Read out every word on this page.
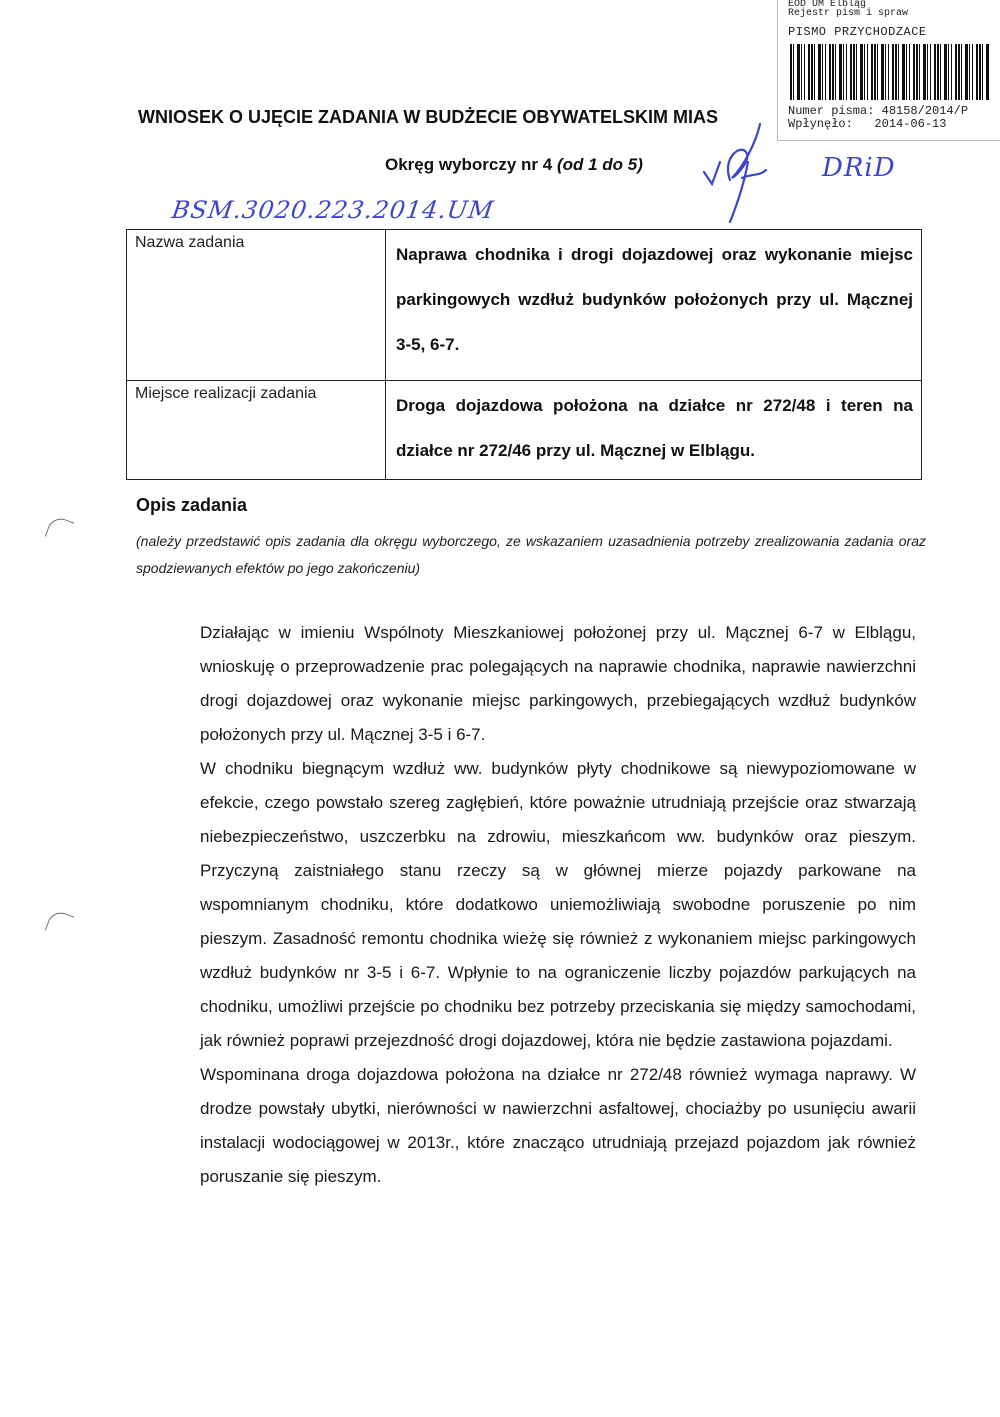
EOD UM Elbląg
Rejestr pism i spraw
PISMO PRZYCHODZACE
Numer pisma: 48158/2014/P
Wpłynęło: 2014-06-13
WNIOSEK O UJĘCIE ZADANIA W BUDŻECIE OBYWATELSKIM MIAS
Okręg wyborczy nr 4 (od 1 do 5)	DRiD
BSM.3020.223.2014.UM
Nazwa zadania	Naprawa chodnika i drogi dojazdowej oraz wykonanie miejsc parkingowych wzdłuż budynków położonych przy ul. Mącznej 3-5, 6-7.
Miejsce realizacji zadania	Droga dojazdowa położona na działce nr 272/48 i teren na działce nr 272/46 przy ul. Mącznej w Elblągu.
Opis zadania
(należy przedstawić opis zadania dla okręgu wyborczego, ze wskazaniem uzasadnienia potrzeby zrealizowania zadania oraz spodziewanych efektów po jego zakończeniu)

Działając w imieniu Wspólnoty Mieszkaniowej położonej przy ul. Mącznej 6-7 w Elblągu, wnioskuję o przeprowadzenie prac polegających na naprawie chodnika, naprawie nawierzchni drogi dojazdowej oraz wykonanie miejsc parkingowych, przebiegających wzdłuż budynków położonych przy ul. Mącznej 3-5 i 6-7.

W chodniku biegnącym wzdłuż ww. budynków płyty chodnikowe są niewypoziomowane w efekcie, czego powstało szereg zagłębień, które poważnie utrudniają przejście oraz stwarzają niebezpieczeństwo, uszczerbku na zdrowiu, mieszkańcom ww. budynków oraz pieszym. Przyczyną zaistniałego stanu rzeczy są w głównej mierze pojazdy parkowane na wspomnianym chodniku, które dodatkowo uniemożliwiają swobodne poruszenie po nim pieszym. Zasadność remontu chodnika wieżę się również z wykonaniem miejsc parkingowych wzdłuż budynków nr 3-5 i 6-7. Wpłynie to na ograniczenie liczby pojazdów parkujących na chodniku, umożliwi przejście po chodniku bez potrzeby przeciskania się między samochodami, jak również poprawi przejezdność drogi dojazdowej, która nie będzie zastawiona pojazdami.

Wspominana droga dojazdowa położona na działce nr 272/48 również wymaga naprawy. W drodze powstały ubytki, nierówności w nawierzchni asfaltowej, chociażby po usunięciu awarii instalacji wodociągowej w 2013r., które znacząco utrudniają przejazd pojazdom jak również poruszanie się pieszym.
